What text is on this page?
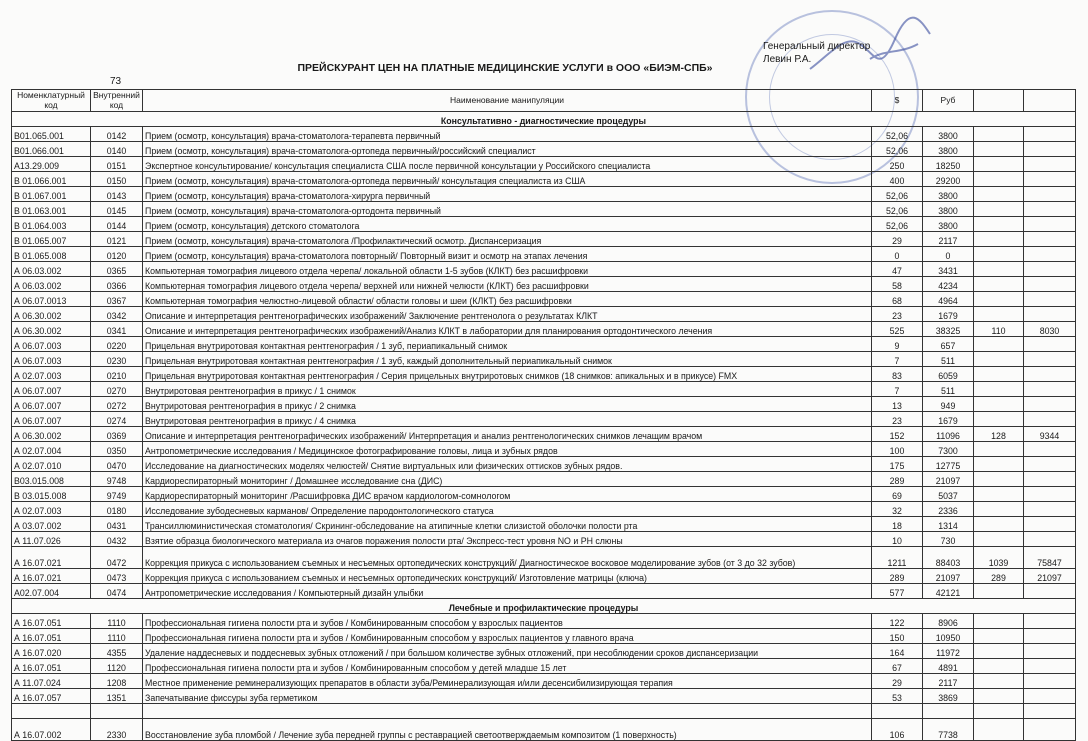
Генеральный директор
Левин Р.А.
ПРЕЙСКУРАНТ ЦЕН НА ПЛАТНЫЕ МЕДИЦИНСКИЕ УСЛУГИ в ООО «БИЭМ-СПБ»
73
Номенклатурный код	Внутренний код	Наименование манипуляции	$	Руб		
Консультативно - диагностические процедуры						
В01.065.001	0142	Прием (осмотр, консультация) врача-стоматолога-терапевта первичный	52,06	3800		
В01.066.001	0140	Прием (осмотр, консультация) врача-стоматолога-ортопеда первичный/российский специалист	52,06	3800		
А13.29.009	0151	Экспертное консультирование/ консультация специалиста США после первичной консультации у Российского специалиста	250	18250		
В 01.066.001	0150	Прием (осмотр, консультация) врача-стоматолога-ортопеда первичный/ консультация специалиста из США	400	29200		
В 01.067.001	0143	Прием (осмотр, консультация) врача-стоматолога-хирурга первичный	52,06	3800		
В 01.063.001	0145	Прием (осмотр, консультация) врача-стоматолога-ортодонта первичный	52,06	3800		
В 01.064.003	0144	Прием (осмотр, консультация) детского стоматолога	52,06	3800		
В 01.065.007	0121	Прием (осмотр, консультация) врача-стоматолога /Профилактический осмотр. Диспансеризация	29	2117		
В 01.065.008	0120	Прием (осмотр, консультация) врача-стоматолога повторный/ Повторный визит и осмотр на этапах лечения	0	0		
А 06.03.002	0365	Компьютерная томография лицевого отдела черепа/ локальной области 1-5 зубов (КЛКТ) без расшифровки	47	3431		
А 06.03.002	0366	Компьютерная томография лицевого отдела черепа/ верхней или нижней челюсти (КЛКТ) без расшифровки	58	4234		
А 06.07.0013	0367	Компьютерная томография челюстно-лицевой области/ области головы и шеи (КЛКТ) без расшифровки	68	4964		
А 06.30.002	0342	Описание и интерпретация рентгенографических изображений/ Заключение рентгенолога о результатах КЛКТ	23	1679		
А 06.30.002	0341	Описание и интерпретация рентгенографических изображений/Анализ КЛКТ в лаборатории для планирования ортодонтического лечения	525	38325	110	8030
А 06.07.003	0220	Прицельная внутриротовая контактная рентгенография / 1 зуб, периапикальный снимок	9	657		
А 06.07.003	0230	Прицельная внутриротовая контактная рентгенография / 1 зуб, каждый дополнительный периапикальный снимок	7	511		
А 02.07.003	0210	Прицельная внутриротовая контактная рентгенография / Серия прицельных внутриротовых снимков (18 снимков: апикальных и в прикусе) FMX	83	6059		
А 06.07.007	0270	Внутриротовая рентгенография в прикус / 1 снимок	7	511		
А 06.07.007	0272	Внутриротовая рентгенография в прикус / 2 снимка	13	949		
А 06.07.007	0274	Внутриротовая рентгенография в прикус / 4 снимка	23	1679		
А 06.30.002	0369	Описание и интерпретация рентгенографических изображений/ Интерпретация и анализ рентгенологических снимков лечащим врачом	152	11096	128	9344
А 02.07.004	0350	Антропометрические исследования / Медицинское фотографирование головы, лица и зубных рядов	100	7300		
А 02.07.010	0470	Исследование на диагностических моделях челюстей/ Снятие виртуальных или физических оттисков зубных рядов.	175	12775		
В03.015.008	9748	Кардиореспираторный мониторинг / Домашнее исследование сна (ДИС)	289	21097		
В 03.015.008	9749	Кардиореспираторный мониторинг /Расшифровка ДИС врачом кардиологом-сомнологом	69	5037		
А 02.07.003	0180	Исследование зубодесневых карманов/ Определение пародонтологического статуса	32	2336		
А 03.07.002	0431	Трансиллюминистическая стоматология/ Скрининг-обследование на атипичные клетки слизистой оболочки полости рта	18	1314		
А 11.07.026	0432	Взятие образца биологического материала из очагов поражения полости рта/ Экспресс-тест уровня NO и PH слюны	10	730		
А 16.07.021	0472	Коррекция прикуса с использованием съемных и несъемных ортопедических конструкций/ Диагностическое восковое моделирование зубов (от 3 до 32 зубов)	1211	88403	1039	75847
А 16.07.021	0473	Коррекция прикуса с использованием съемных и несъемных ортопедических конструкций/ Изготовление матрицы (ключа)	289	21097	289	21097
А02.07.004	0474	Антропометрические исследования / Компьютерный дизайн улыбки	577	42121		
Лечебные и профилактические процедуры						
А 16.07.051	1110	Профессиональная гигиена полости рта и зубов / Комбинированным способом у взрослых пациентов	122	8906		
А 16.07.051	1110	Профессиональная гигиена полости рта и зубов / Комбинированным способом у взрослых пациентов у главного врача	150	10950		
А 16.07.020	4355	Удаление наддесневых и поддесневых зубных отложений / при большом количестве зубных отложений, при несоблюдении сроков диспансеризации	164	11972		
А 16.07.051	1120	Профессиональная гигиена полости рта и зубов / Комбинированным способом у детей младше 15 лет	67	4891		
А 11.07.024	1208	Местное применение реминерализующих препаратов в области зуба/Реминерализующая и/или десенсибилизирующая терапия	29	2117		
А 16.07.057	1351	Запечатывание фиссуры зуба герметиком	53	3869		

А 16.07.002	2330	Восстановление зуба пломбой / Лечение зуба передней группы с реставрацией светоотверждаемым композитом (1 поверхность)	106	7738		
